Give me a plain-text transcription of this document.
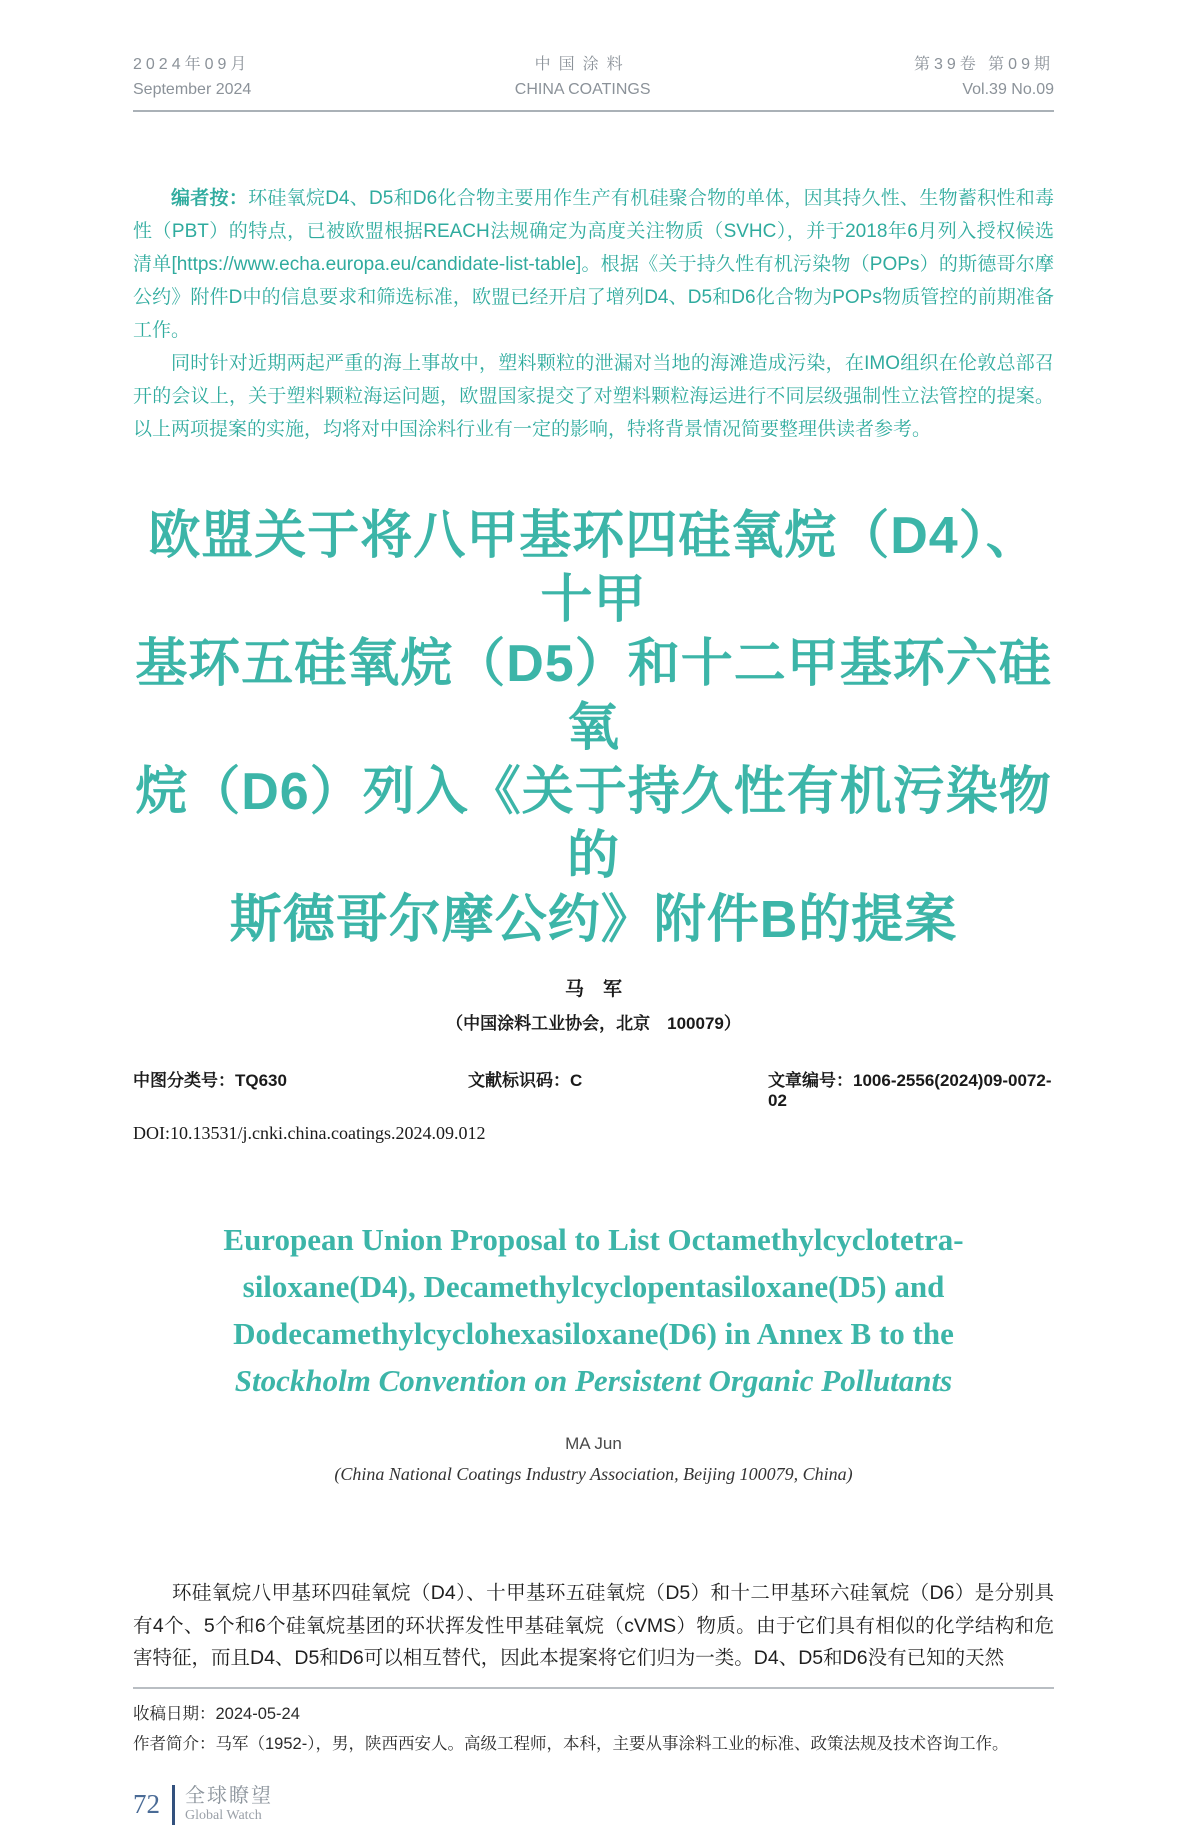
2024年09月
September 2024
中国涂料
CHINA COATINGS
第39卷 第09期
Vol.39 No.09

编者按：环硅氧烷D4、D5和D6化合物主要用作生产有机硅聚合物的单体，因其持久性、生物蓄积性和毒性（PBT）的特点，已被欧盟根据REACH法规确定为高度关注物质（SVHC），并于2018年6月列入授权候选清单[https://www.echa.europa.eu/candidate-list-table]。根据《关于持久性有机污染物（POPs）的斯德哥尔摩公约》附件D中的信息要求和筛选标准，欧盟已经开启了增列D4、D5和D6化合物为POPs物质管控的前期准备工作。

同时针对近期两起严重的海上事故中，塑料颗粒的泄漏对当地的海滩造成污染，在IMO组织在伦敦总部召开的会议上，关于塑料颗粒海运问题，欧盟国家提交了对塑料颗粒海运进行不同层级强制性立法管控的提案。以上两项提案的实施，均将对中国涂料行业有一定的影响，特将背景情况简要整理供读者参考。

欧盟关于将八甲基环四硅氧烷（D4）、十甲
基环五硅氧烷（D5）和十二甲基环六硅氧
烷（D6）列入《关于持久性有机污染物的
斯德哥尔摩公约》附件B的提案
马　军
（中国涂料工业协会，北京　100079）
中图分类号：TQ630	文献标识码：C	文章编号：1006-2556(2024)09-0072-02
DOI:10.13531/j.cnki.china.coatings.2024.09.012
European Union Proposal to List Octamethylcyclotetra-
siloxane(D4), Decamethylcyclopentasiloxane(D5) and
Dodecamethylcyclohexasiloxane(D6) in Annex B to the
Stockholm Convention on Persistent Organic Pollutants
MA Jun
(China National Coatings Industry Association, Beijing 100079, China)

环硅氧烷八甲基环四硅氧烷（D4）、十甲基环五硅氧烷（D5）和十二甲基环六硅氧烷（D6）是分别具有4个、5个和6个硅氧烷基团的环状挥发性甲基硅氧烷（cVMS）物质。由于它们具有相似的化学结构和危害特征，而且D4、D5和D6可以相互替代，因此本提案将它们归为一类。D4、D5和D6没有已知的天然

收稿日期：2024-05-24
作者简介：马军（1952-），男，陕西西安人。高级工程师，本科，主要从事涂料工业的标准、政策法规及技术咨询工作。
72 全球瞭望
Global Watch
